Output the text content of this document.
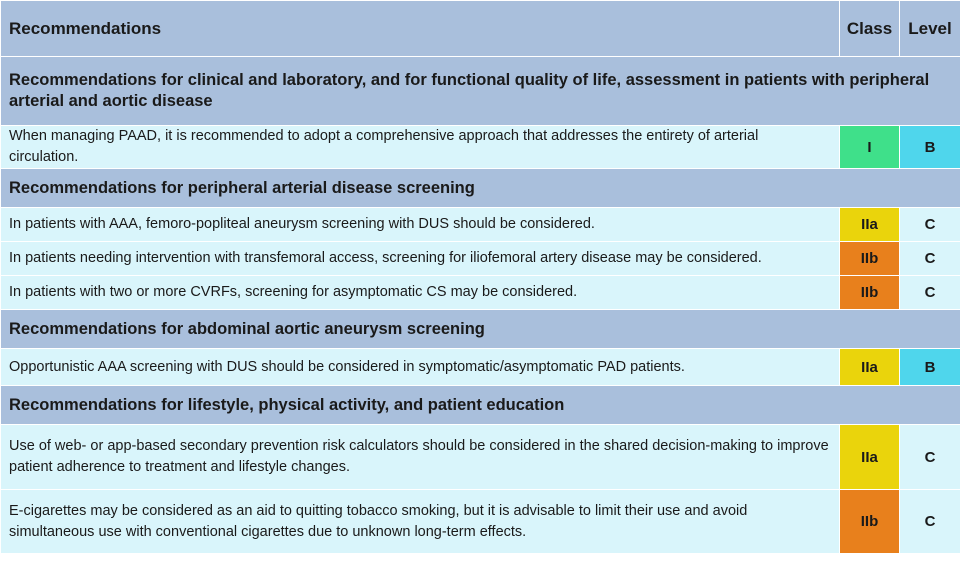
Recommendations	Class	Level
Recommendations for clinical and laboratory, and for functional quality of life, assessment in patients with peripheral arterial and aortic disease		
When managing PAAD, it is recommended to adopt a comprehensive approach that addresses the entirety of arterial circulation.	I	B
Recommendations for peripheral arterial disease screening		
In patients with AAA, femoro-popliteal aneurysm screening with DUS should be considered.	IIa	C
In patients needing intervention with transfemoral access, screening for iliofemoral artery disease may be considered.	IIb	C
In patients with two or more CVRFs, screening for asymptomatic CS may be considered.	IIb	C
Recommendations for abdominal aortic aneurysm screening		
Opportunistic AAA screening with DUS should be considered in symptomatic/asymptomatic PAD patients.	IIa	B
Recommendations for lifestyle, physical activity, and patient education		
Use of web- or app-based secondary prevention risk calculators should be considered in the shared decision-making to improve patient adherence to treatment and lifestyle changes.	IIa	C
E-cigarettes may be considered as an aid to quitting tobacco smoking, but it is advisable to limit their use and avoid simultaneous use with conventional cigarettes due to unknown long-term effects.	IIb	C
